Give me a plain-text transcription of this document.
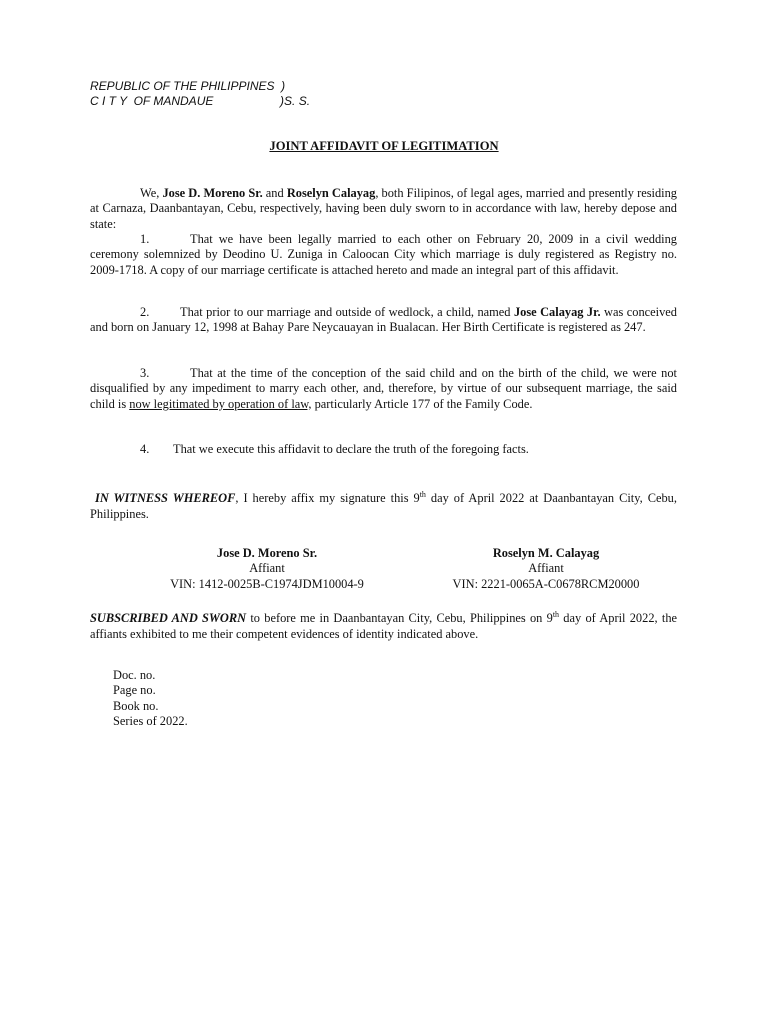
REPUBLIC OF THE PHILIPPINES  )
C I T Y  OF MANDAUE                    )S. S.
JOINT AFFIDAVIT OF LEGITIMATION
We, Jose D. Moreno Sr. and Roselyn Calayag, both Filipinos, of legal ages, married and presently residing at Carnaza, Daanbantayan, Cebu, respectively, having been duly sworn to in accordance with law, hereby depose and state:
1.	That we have been legally married to each other on February 20, 2009 in a civil wedding ceremony solemnized by Deodino U. Zuniga in Caloocan City which marriage is duly registered as Registry no. 2009-1718. A copy of our marriage certificate is attached hereto and made an integral part of this affidavit.
2. That prior to our marriage and outside of wedlock, a child, named Jose Calayag Jr. was conceived and born on January 12, 1998 at Bahay Pare Neycauayan in Bualacan. Her Birth Certificate is registered as 247.
3.	That at the time of the conception of the said child and on the birth of the child, we were not disqualified by any impediment to marry each other, and, therefore, by virtue of our subsequent marriage, the said child is now legitimated by operation of law, particularly Article 177 of the Family Code.
4. That we execute this affidavit to declare the truth of the foregoing facts.
IN WITNESS WHEREOF, I hereby affix my signature this 9th day of April 2022 at Daanbantayan City, Cebu, Philippines.
Jose D. Moreno Sr.
Affiant
VIN: 1412-0025B-C1974JDM10004-9
Roselyn M. Calayag
Affiant
VIN: 2221-0065A-C0678RCM20000
SUBSCRIBED AND SWORN to before me in Daanbantayan City, Cebu, Philippines on 9th day of April 2022, the affiants exhibited to me their competent evidences of identity indicated above.
Doc. no.
Page no.
Book no.
Series of 2022.
